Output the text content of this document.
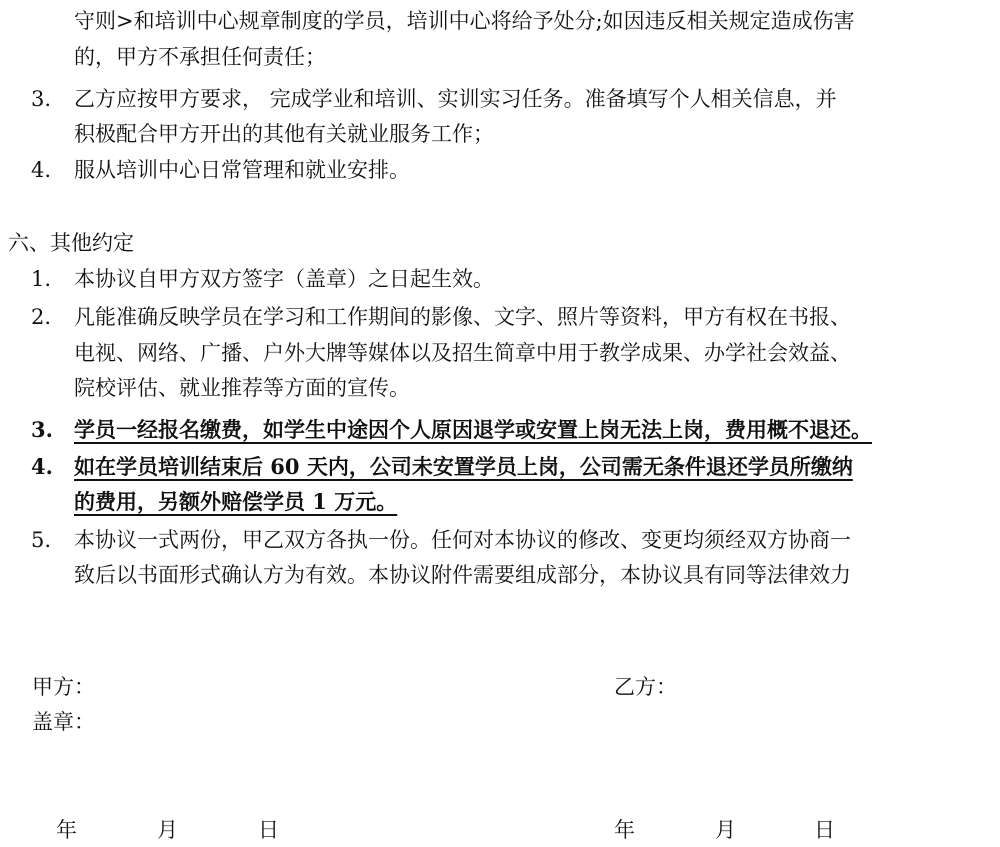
守则>和培训中心规章制度的学员，培训中心将给予处分;如因违反相关规定造成伤害
的，甲方不承担任何责任；
3. 乙方应按甲方要求， 完成学业和培训、实训实习任务。准备填写个人相关信息，并
积极配合甲方开出的其他有关就业服务工作；
4. 服从培训中心日常管理和就业安排。
六、其他约定
1. 本协议自甲方双方签字（盖章）之日起生效。
2. 凡能准确反映学员在学习和工作期间的影像、文字、照片等资料，甲方有权在书报、
电视、网络、广播、户外大牌等媒体以及招生简章中用于教学成果、办学社会效益、
院校评估、就业推荐等方面的宣传。
3. 学员一经报名缴费，如学生中途因个人原因退学或安置上岗无法上岗，费用概不退还。
4. 如在学员培训结束后 60 天内，公司未安置学员上岗，公司需无条件退还学员所缴纳
的费用，另额外赔偿学员 1 万元。
5. 本协议一式两份，甲乙双方各执一份。任何对本协议的修改、变更均须经双方协商一
致后以书面形式确认方为有效。本协议附件需要组成部分，本协议具有同等法律效力
甲方：
盖章：
乙方：
年	月	日	年	月	日
